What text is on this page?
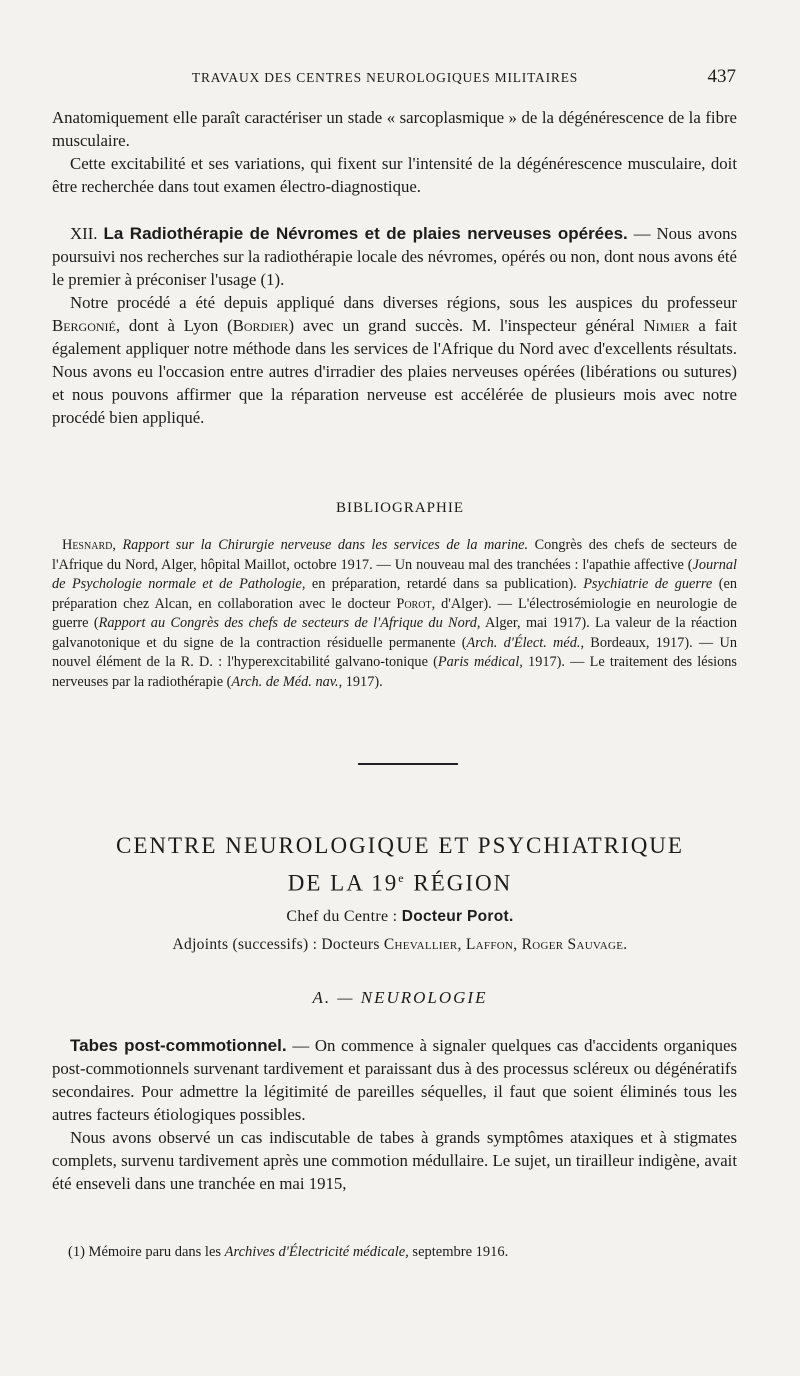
TRAVAUX DES CENTRES NEUROLOGIQUES MILITAIRES	437

Anatomiquement elle paraît caractériser un stade « sarcoplasmique » de la dégénérescence de la fibre musculaire.

Cette excitabilité et ses variations, qui fixent sur l'intensité de la dégénérescence musculaire, doit être recherchée dans tout examen électro-diagnostique.

XII. La Radiothérapie de Névromes et de plaies nerveuses opérées. — Nous avons poursuivi nos recherches sur la radiothérapie locale des névromes, opérés ou non, dont nous avons été le premier à préconiser l'usage (1).

Notre procédé a été depuis appliqué dans diverses régions, sous les auspices du professeur Bergonié, dont à Lyon (Bordier) avec un grand succès. M. l'inspecteur général Nimier a fait également appliquer notre méthode dans les services de l'Afrique du Nord avec d'excellents résultats. Nous avons eu l'occasion entre autres d'irradier des plaies nerveuses opérées (libérations ou sutures) et nous pouvons affirmer que la réparation nerveuse est accélérée de plusieurs mois avec notre procédé bien appliqué.

BIBLIOGRAPHIE

Hesnard, Rapport sur la Chirurgie nerveuse dans les services de la marine. Congrès des chefs de secteurs de l'Afrique du Nord, Alger, hôpital Maillot, octobre 1917. — Un nouveau mal des tranchées : l'apathie affective (Journal de Psychologie normale et de Pathologie, en préparation, retardé dans sa publication). Psychiatrie de guerre (en préparation chez Alcan, en collaboration avec le docteur Porot, d'Alger). — L'électrosémiologie en neurologie de guerre (Rapport au Congrès des chefs de secteurs de l'Afrique du Nord, Alger, mai 1917). La valeur de la réaction galvanotonique et du signe de la contraction résiduelle permanente (Arch. d'Élect. méd., Bordeaux, 1917). — Un nouvel élément de la R. D. : l'hyperexcitabilité galvano-tonique (Paris médical, 1917). — Le traitement des lésions nerveuses par la radiothérapie (Arch. de Méd. nav., 1917).

CENTRE NEUROLOGIQUE ET PSYCHIATRIQUE
DE LA 19e RÉGION
Chef du Centre : Docteur Porot.
Adjoints (successifs) : Docteurs Chevallier, Laffon, Roger Sauvage.
A. — NEUROLOGIE

Tabes post-commotionnel. — On commence à signaler quelques cas d'accidents organiques post-commotionnels survenant tardivement et paraissant dus à des processus scléreux ou dégénératifs secondaires. Pour admettre la légitimité de pareilles séquelles, il faut que soient éliminés tous les autres facteurs étiologiques possibles.

Nous avons observé un cas indiscutable de tabes à grands symptômes ataxiques et à stigmates complets, survenu tardivement après une commotion médullaire. Le sujet, un tirailleur indigène, avait été enseveli dans une tranchée en mai 1915,

(1) Mémoire paru dans les Archives d'Électricité médicale, septembre 1916.
